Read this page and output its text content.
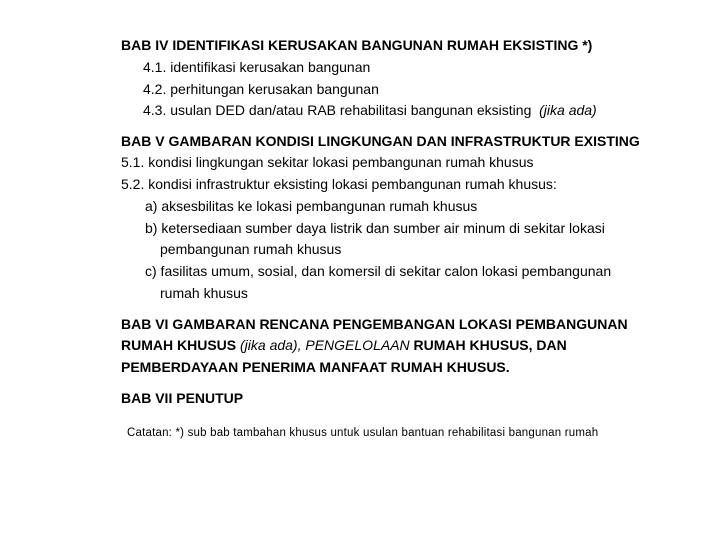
BAB IV IDENTIFIKASI KERUSAKAN BANGUNAN RUMAH EKSISTING *)
4.1. identifikasi kerusakan bangunan
4.2. perhitungan kerusakan bangunan
4.3. usulan DED dan/atau RAB rehabilitasi bangunan eksisting (jika ada)
BAB V GAMBARAN KONDISI LINGKUNGAN DAN INFRASTRUKTUR EXISTING
5.1. kondisi lingkungan sekitar lokasi pembangunan rumah khusus
5.2. kondisi infrastruktur eksisting lokasi pembangunan rumah khusus:
a) aksesbilitas ke lokasi pembangunan rumah khusus
b) ketersediaan sumber daya listrik dan sumber air minum di sekitar lokasi
pembangunan rumah khusus
c) fasilitas umum, sosial, dan komersil di sekitar calon lokasi pembangunan
rumah khusus
BAB VI GAMBARAN RENCANA PENGEMBANGAN LOKASI PEMBANGUNAN
RUMAH KHUSUS (jika ada), PENGELOLAAN RUMAH KHUSUS, DAN
PEMBERDAYAAN PENERIMA MANFAAT RUMAH KHUSUS.
BAB VII PENUTUP
Catatan: *) sub bab tambahan khusus untuk usulan bantuan rehabilitasi bangunan rumah
